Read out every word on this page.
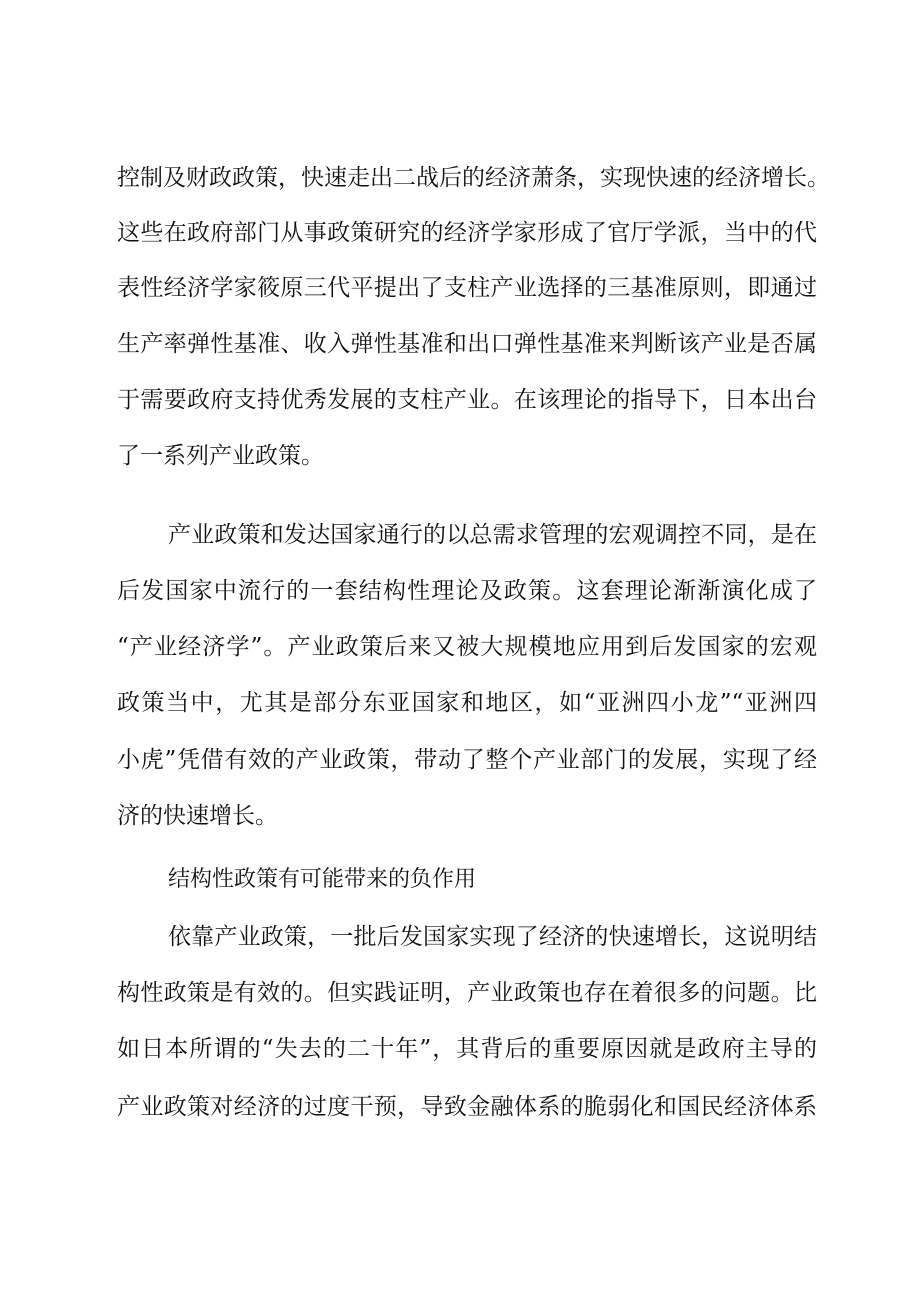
控制及财政政策，快速走出二战后的经济萧条，实现快速的经济增长。
这些在政府部门从事政策研究的经济学家形成了官厅学派，当中的代
表性经济学家筱原三代平提出了支柱产业选择的三基准原则，即通过
生产率弹性基准、收入弹性基准和出口弹性基准来判断该产业是否属
于需要政府支持优秀发展的支柱产业。在该理论的指导下，日本出台
了一系列产业政策。
产业政策和发达国家通行的以总需求管理的宏观调控不同，是在
后发国家中流行的一套结构性理论及政策。这套理论渐渐演化成了
“产业经济学”。产业政策后来又被大规模地应用到后发国家的宏观
政策当中，尤其是部分东亚国家和地区，如“亚洲四小龙”“亚洲四
小虎”凭借有效的产业政策，带动了整个产业部门的发展，实现了经
济的快速增长。
结构性政策有可能带来的负作用
依靠产业政策，一批后发国家实现了经济的快速增长，这说明结
构性政策是有效的。但实践证明，产业政策也存在着很多的问题。比
如日本所谓的“失去的二十年”，其背后的重要原因就是政府主导的
产业政策对经济的过度干预，导致金融体系的脆弱化和国民经济体系
